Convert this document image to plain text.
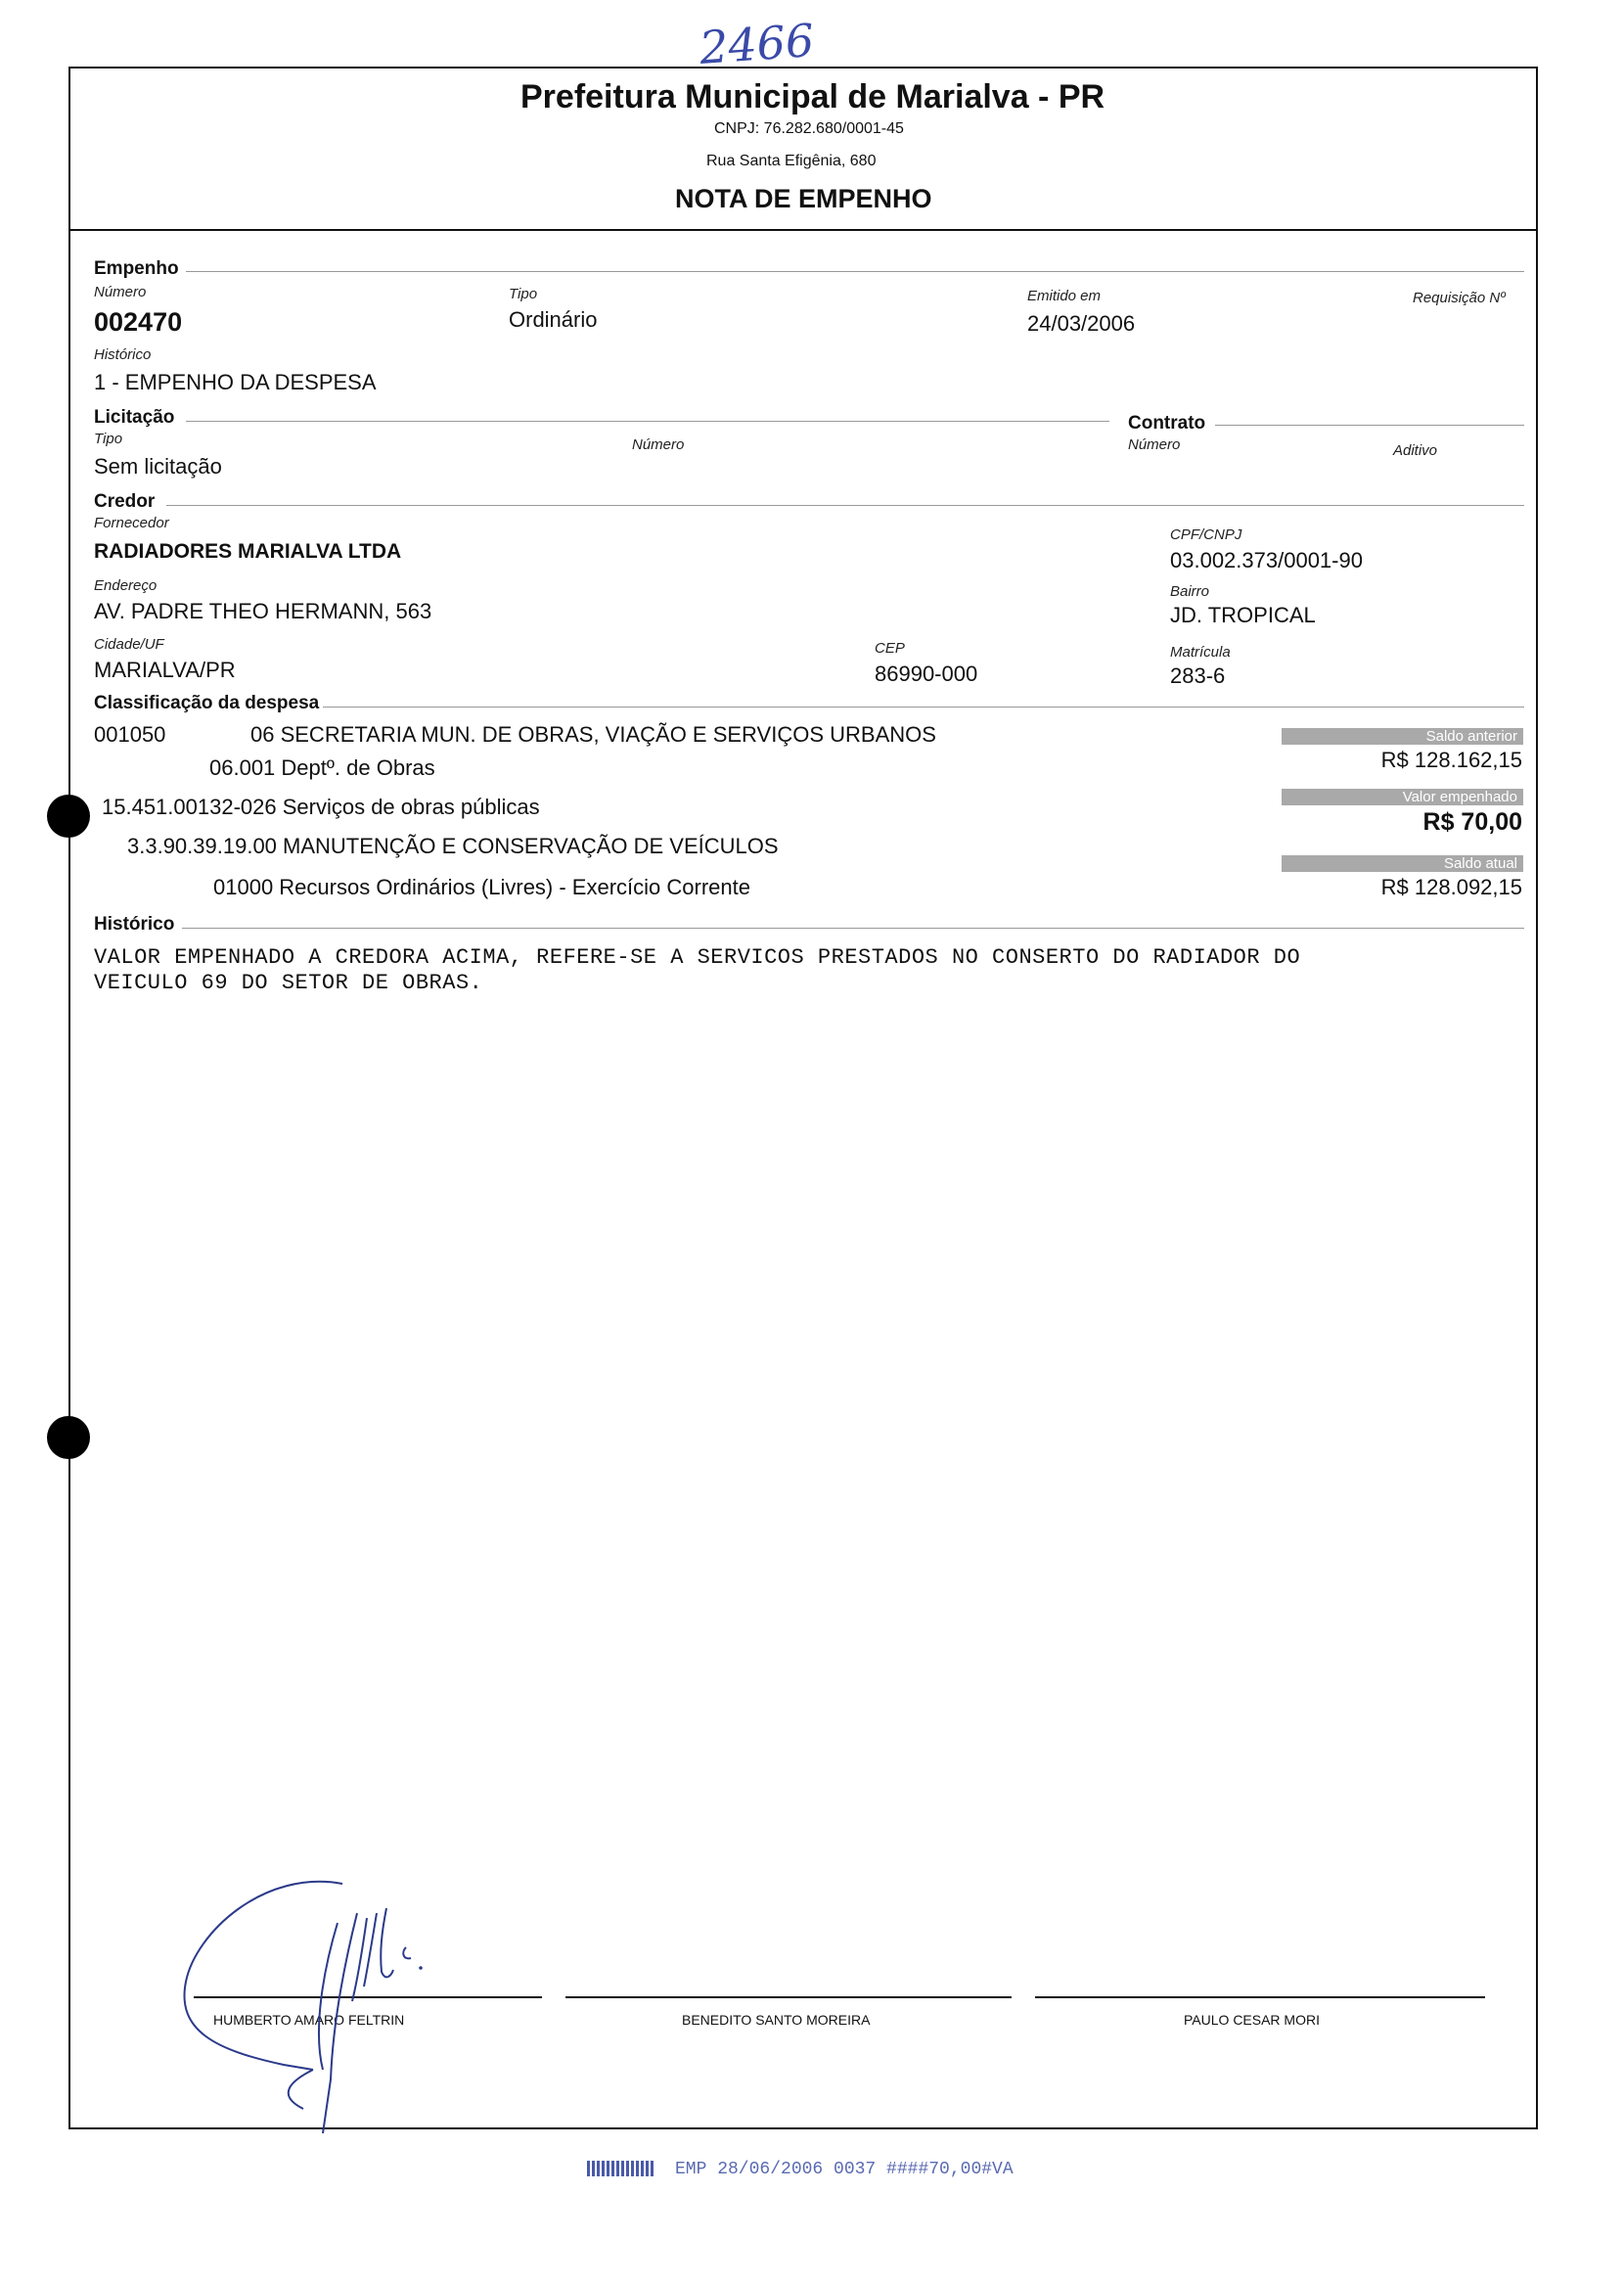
2466
Prefeitura Municipal de Marialva - PR
CNPJ: 76.282.680/0001-45
Rua Santa Efigênia, 680
NOTA DE EMPENHO
Empenho
Número
002470
Tipo
Ordinário
Emitido em
24/03/2006
Requisição Nº
Histórico
1 - EMPENHO DA DESPESA
Licitação
Tipo
Sem licitação
Número
Contrato
Número	Aditivo
Credor
Fornecedor
RADIADORES MARIALVA LTDA
CPF/CNPJ
03.002.373/0001-90
Endereço
AV. PADRE THEO HERMANN, 563
Bairro
JD. TROPICAL
Cidade/UF
MARIALVA/PR
CEP
86990-000
Matrícula
283-6
Classificação da despesa
001050	06 SECRETARIA MUN. DE OBRAS, VIAÇÃO E SERVIÇOS URBANOS
06.001 Deptº. de Obras
15.451.00132-026 Serviços de obras públicas
3.3.90.39.19.00 MANUTENÇÃO E CONSERVAÇÃO DE VEÍCULOS
01000 Recursos Ordinários (Livres) - Exercício Corrente
Saldo anterior
R$ 128.162,15
Valor empenhado
R$ 70,00
Saldo atual
R$ 128.092,15
Histórico
VALOR EMPENHADO A CREDORA ACIMA, REFERE-SE A SERVICOS PRESTADOS NO CONSERTO DO RADIADOR DO
VEICULO 69 DO SETOR DE OBRAS.
HUMBERTO AMARO FELTRIN	BENEDITO SANTO MOREIRA	PAULO CESAR MORI
EMP 28/06/2006 0037 ####70,00#VA
